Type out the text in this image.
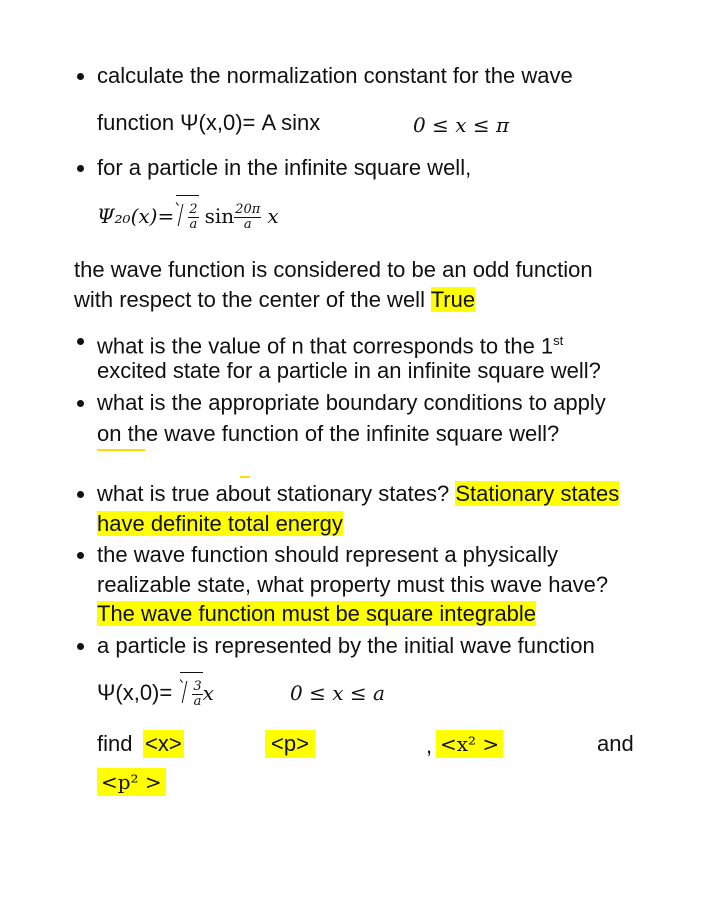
calculate the normalization constant for the wave
function Ψ(x,0)= A sinx	0 ≤ x ≤ π
for a particle in the infinite square well,
$\Psi_{20}(x)= \frac{2}{a}$ $\sin \frac{20\pi}{a}$ x
the wave function is considered to be an odd function
with respect to the center of the well True
what is the value of n that corresponds to the 1st
excited state for a particle in an infinite square well?
what is the appropriate boundary conditions to apply
on the wave function of the infinite square well?
what is true about stationary states? Stationary states
have definite total energy
the wave function should represent a physically
realizable state, what property must this wave have?
The wave function must be square integrable
a particle is represented by the initial wave function
$\Psi(x,0)= \frac{3}{a}$ x	0 ≤ x ≤ a
find <x>	<p>	, <x² >	and
<p² >
